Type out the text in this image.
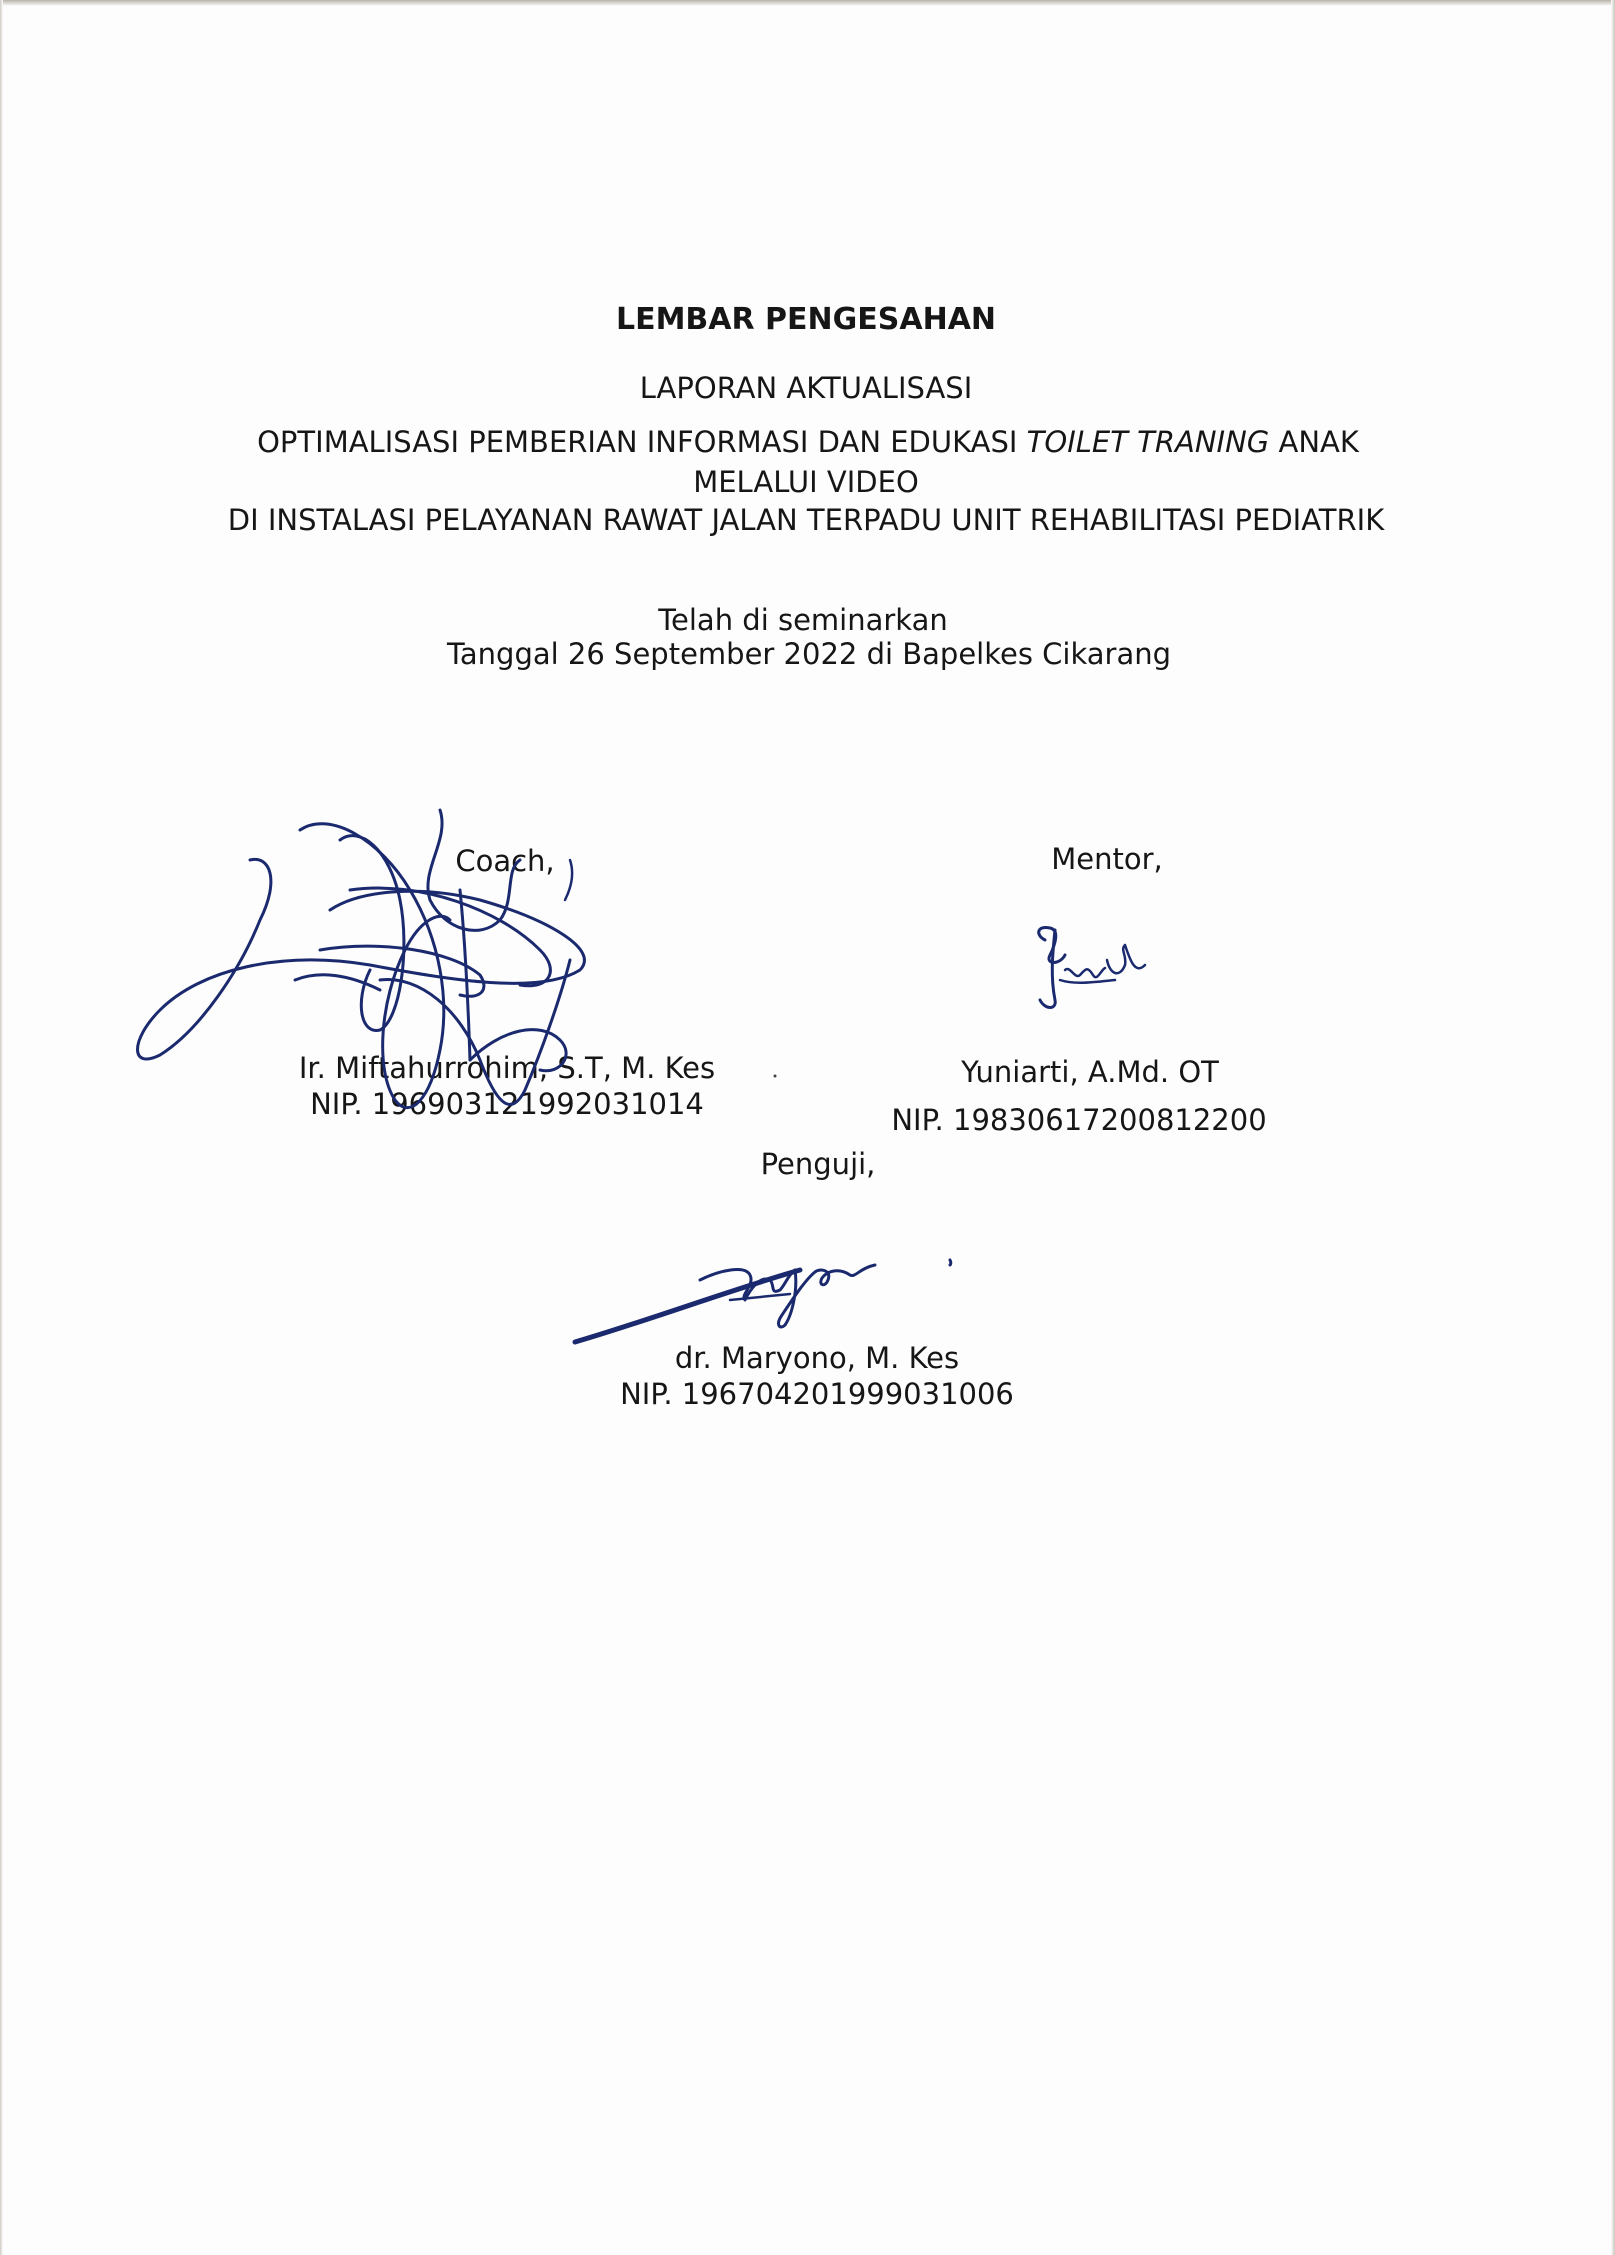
LEMBAR PENGESAHAN
LAPORAN AKTUALISASI
OPTIMALISASI PEMBERIAN INFORMASI DAN EDUKASI TOILET TRANING ANAK
MELALUI VIDEO
DI INSTALASI PELAYANAN RAWAT JALAN TERPADU UNIT REHABILITASI PEDIATRIK
Telah di seminarkan
Tanggal 26 September 2022 di Bapelkes Cikarang
Coach,
Ir. Miftahurrohim, S.T, M. Kes
NIP. 196903121992031014
Mentor,
Yuniarti, A.Md. OT
NIP. 19830617200812200
Penguji,
dr. Maryono, M. Kes
NIP. 196704201999031006
